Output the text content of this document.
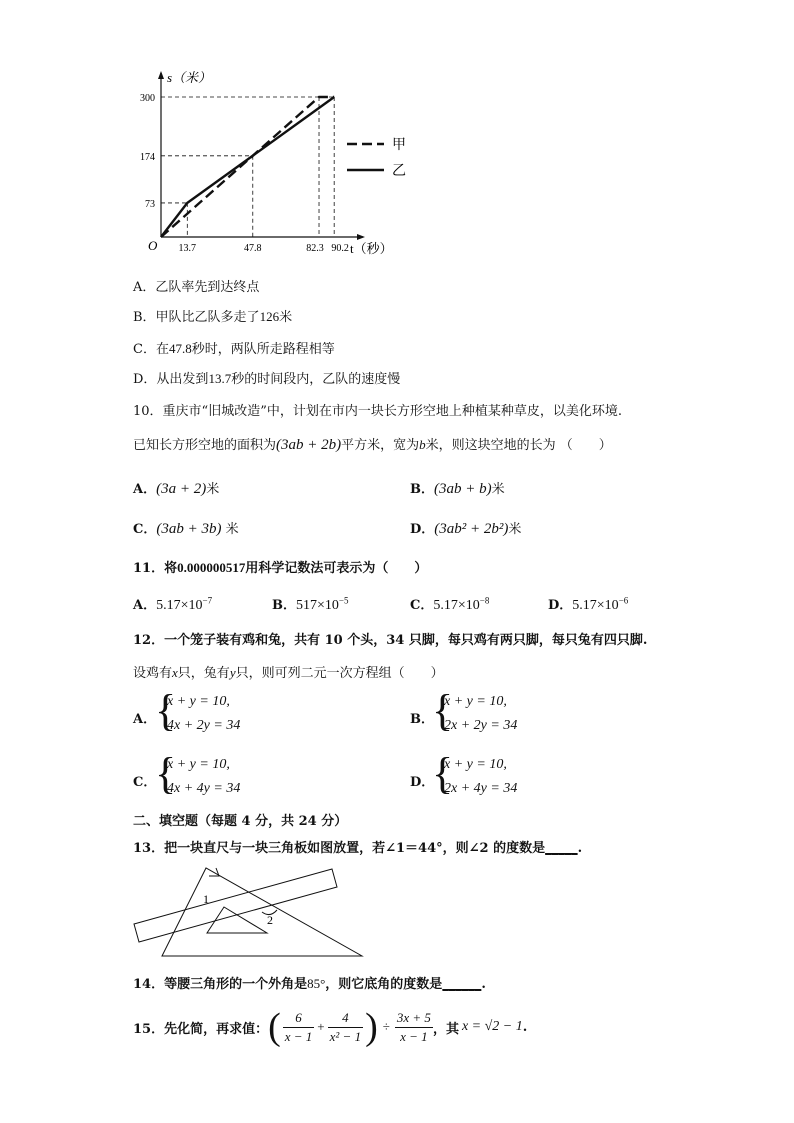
73
174
300
13.7	47.8	82.3 90.2
甲
乙
s（米）
t（秒）
O
A．乙队率先到达终点
B．甲队比乙队多走了126米
C．在47.8秒时，两队所走路程相等
D．从出发到13.7秒的时间段内，乙队的速度慢
10．重庆市“旧城改造”中，计划在市内一块长方形空地上种植某种草皮，以美化环境.
已知长方形空地的面积为(3ab + 2b)平方米，宽为b米，则这块空地的长为 （　　）
A．(3a + 2)米	B．(3ab + b)米
C．(3ab + 3b) 米	D．(3ab² + 2b²)米
11．将0.000000517用科学记数法可表示为（　　）
A．$5.17\times 10^{-7}$	B．$517\times 10^{-5}$	C．$5.17\times 10^{-8}$	D．$5.17\times 10^{-6}$
12．一个笼子装有鸡和兔，共有 10 个头，34 只脚，每只鸡有两只脚，每只兔有四只脚.
设鸡有x只，兔有y只，则可列二元一次方程组（　　）
A．
{
x + y = 10,
4x + 2y = 34	B．
{
x + y = 10,
2x + 2y = 34
C．
{
x + y = 10,
4x + 4y = 34	D．
{
x + y = 10,
2x + 4y = 34
二、填空题（每题 4 分，共 24 分）
13．把一块直尺与一块三角板如图放置，若∠1＝44°，则∠2 的度数是_____.
1
2
14．等腰三角形的一个外角是85°，则它底角的度数是______.
15．先化简，再求值： ( $\frac{6}{x - 1} + \frac{4}{\text{x² − 1}}$ ) ÷ $\frac{3x + 5}{x - 1}$ ，其 x = √2 − 1 .
